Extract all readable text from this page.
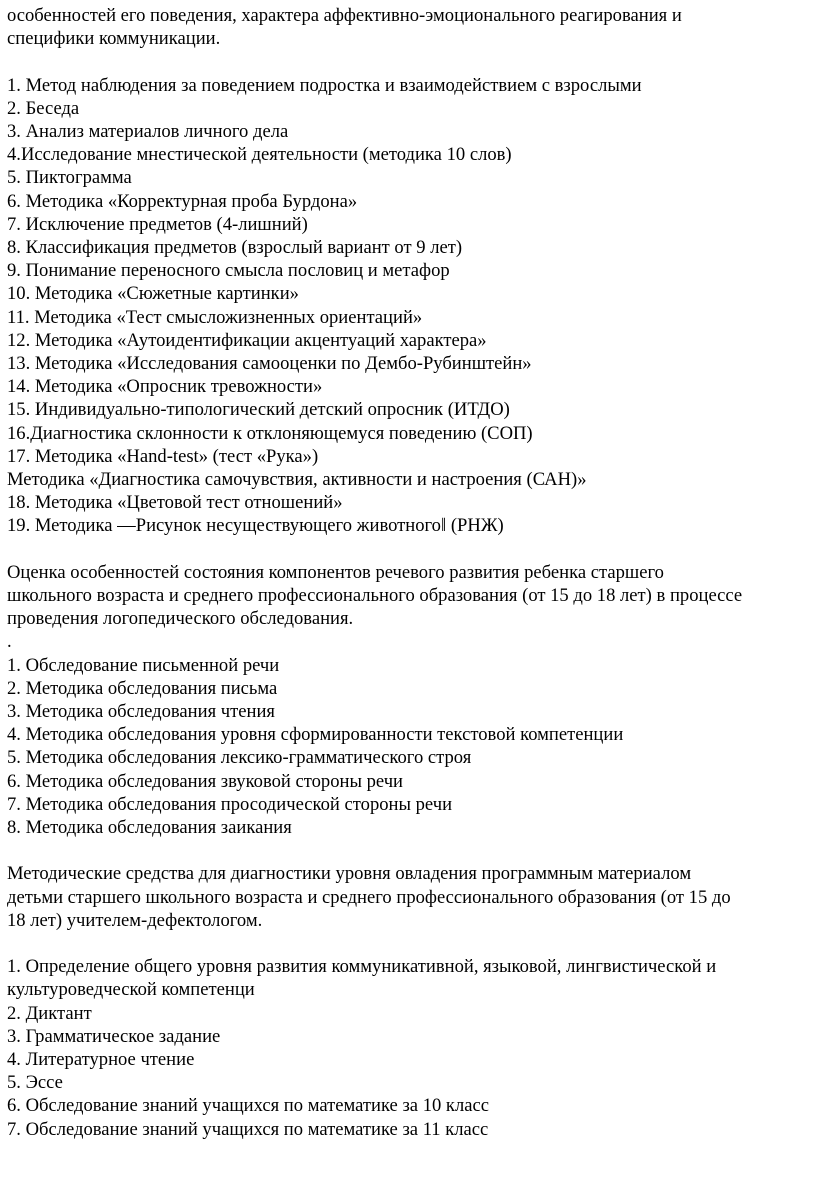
особенностей его поведения, характера аффективно-эмоционального реагирования и
специфики коммуникации.
1. Метод наблюдения за поведением подростка и взаимодействием с взрослыми
2. Беседа
3. Анализ материалов личного дела
4.Исследование мнестической деятельности (методика 10 слов)
5. Пиктограмма
6. Методика «Корректурная проба Бурдона»
7. Исключение предметов (4-лишний)
8. Классификация предметов (взрослый вариант от 9 лет)
9. Понимание переносного смысла пословиц и метафор
10. Методика «Сюжетные картинки»
11. Методика «Тест смысложизненных ориентаций»
12. Методика «Аутоидентификации акцентуаций характера»
13. Методика «Исследования самооценки по Дембо-Рубинштейн»
14. Методика «Опросник тревожности»
15. Индивидуально-типологический детский опросник (ИТДО)
16.Диагностика склонности к отклоняющемуся поведению (СОП)
17. Методика «Hand-test» (тест «Рука»)
Методика «Диагностика самочувствия, активности и настроения (САН)»
18. Методика «Цветовой тест отношений»
19. Методика ―Рисунок несуществующего животного‖ (РНЖ)
Оценка особенностей состояния компонентов речевого развития ребенка старшего
школьного возраста и среднего профессионального образования (от 15 до 18 лет) в процессе
проведения логопедического обследования.
.
1. Обследование письменной речи
2. Методика обследования письма
3. Методика обследования чтения
4. Методика обследования уровня сформированности текстовой компетенции
5. Методика обследования лексико-грамматического строя
6. Методика обследования звуковой стороны речи
7. Методика обследования просодической стороны речи
8. Методика обследования заикания
Методические средства для диагностики уровня овладения программным материалом
детьми старшего школьного возраста и среднего профессионального образования (от 15 до
18 лет) учителем-дефектологом.
1. Определение общего уровня развития коммуникативной, языковой, лингвистической и
культуроведческой компетенци
2. Диктант
3. Грамматическое задание
4. Литературное чтение
5. Эссе
6. Обследование знаний учащихся по математике за 10 класс
7. Обследование знаний учащихся по математике за 11 класс
